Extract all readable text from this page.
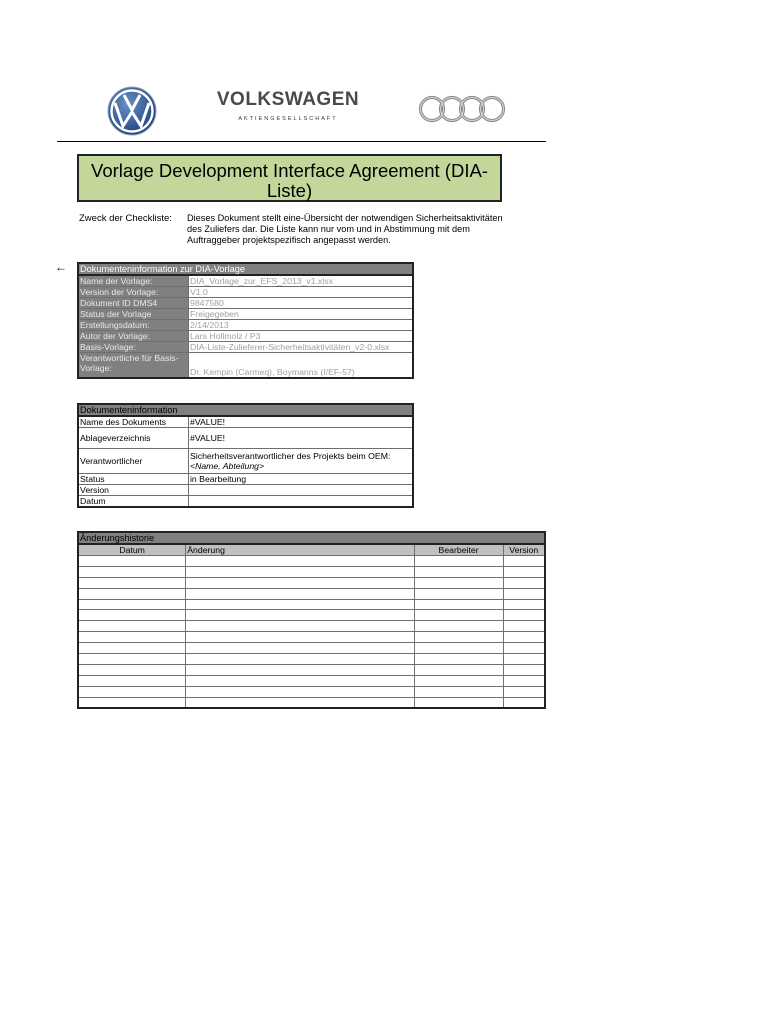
VOLKSWAGEN
AKTIENGESELLSCHAFT
Vorlage Development Interface Agreement (DIA-Liste)
Zweck der Checkliste: Dieses Dokument stellt eine-Übersicht der notwendigen Sicherheitsaktivitäten des Zuliefers dar. Die Liste kann nur vom und in Abstimmung mit dem Auftraggeber projektspezifisch angepasst werden.
← Dokumenteninformation zur DIA-Vorlage	
Name der Vorlage:	DIA_Vorlage_zur_EFS_2013_v1.xlsx
Version der Vorlage:	V1.0
Dokument ID DMS4	9847580
Status der Vorlage	Freigegeben
Erstellungsdatum:	2/14/2013
Autor der Vorlage:	Lars Hollmolz / P3
Basis-Vorlage:	DIA-Liste-Zulieferer-Sicherheitsaktivitäten_v2-0.xlsx
Verantwortliche für Basis-Vorlage:	Dr. Kempin (Carmeq), Boymanns (I/EF-57)
Dokumenteninformation	
Name des Dokuments	#VALUE!
Ablageverzeichnis	#VALUE!
Verantwortlicher	Sicherheitsverantwortlicher des Projekts beim OEM:
<Name, Abteilung>
Status	in Bearbeitung
Version	
Datum	
Änderungshistorie			
Datum	Änderung	Bearbeiter	Version
